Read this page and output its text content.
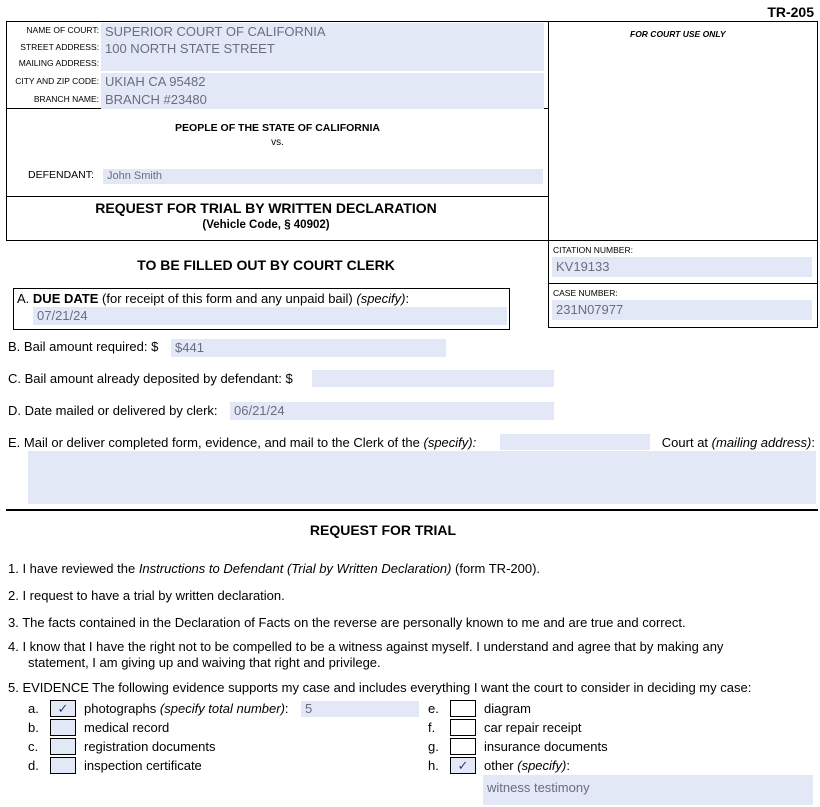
TR-205
NAME OF COURT: SUPERIOR COURT OF CALIFORNIA
STREET ADDRESS: 100 NORTH STATE STREET
MAILING ADDRESS:
CITY AND ZIP CODE: UKIAH CA 95482
BRANCH NAME: BRANCH #23480
FOR COURT USE ONLY
PEOPLE OF THE STATE OF CALIFORNIA
vs.
DEFENDANT:	John Smith
REQUEST FOR TRIAL BY WRITTEN DECLARATION
(Vehicle Code, § 40902)
CITATION NUMBER:
KV19133
CASE NUMBER:
231N07977
TO BE FILLED OUT BY COURT CLERK
A. DUE DATE (for receipt of this form and any unpaid bail) (specify):
07/21/24
B. Bail amount required: $	$441
C. Bail amount already deposited by defendant: $
D. Date mailed or delivered by clerk:	06/21/24
E. Mail or deliver completed form, evidence, and mail to the Clerk of the (specify):	Court at (mailing address):
REQUEST FOR TRIAL
1. I have reviewed the Instructions to Defendant (Trial by Written Declaration) (form TR-200).
2. I request to have a trial by written declaration.
3. The facts contained in the Declaration of Facts on the reverse are personally known to me and are true and correct.
4. I know that I have the right not to be compelled to be a witness against myself. I understand and agree that by making any
statement, I am giving up and waiving that right and privilege.
5. EVIDENCE The following evidence supports my case and includes everything I want the court to consider in deciding my case:
a.	✓	photographs (specify total number):	5
b.	medical record
c.	registration documents
d.	inspection certificate
e.	diagram
f.	car repair receipt
g.	insurance documents
h.	✓	other (specify):
witness testimony
